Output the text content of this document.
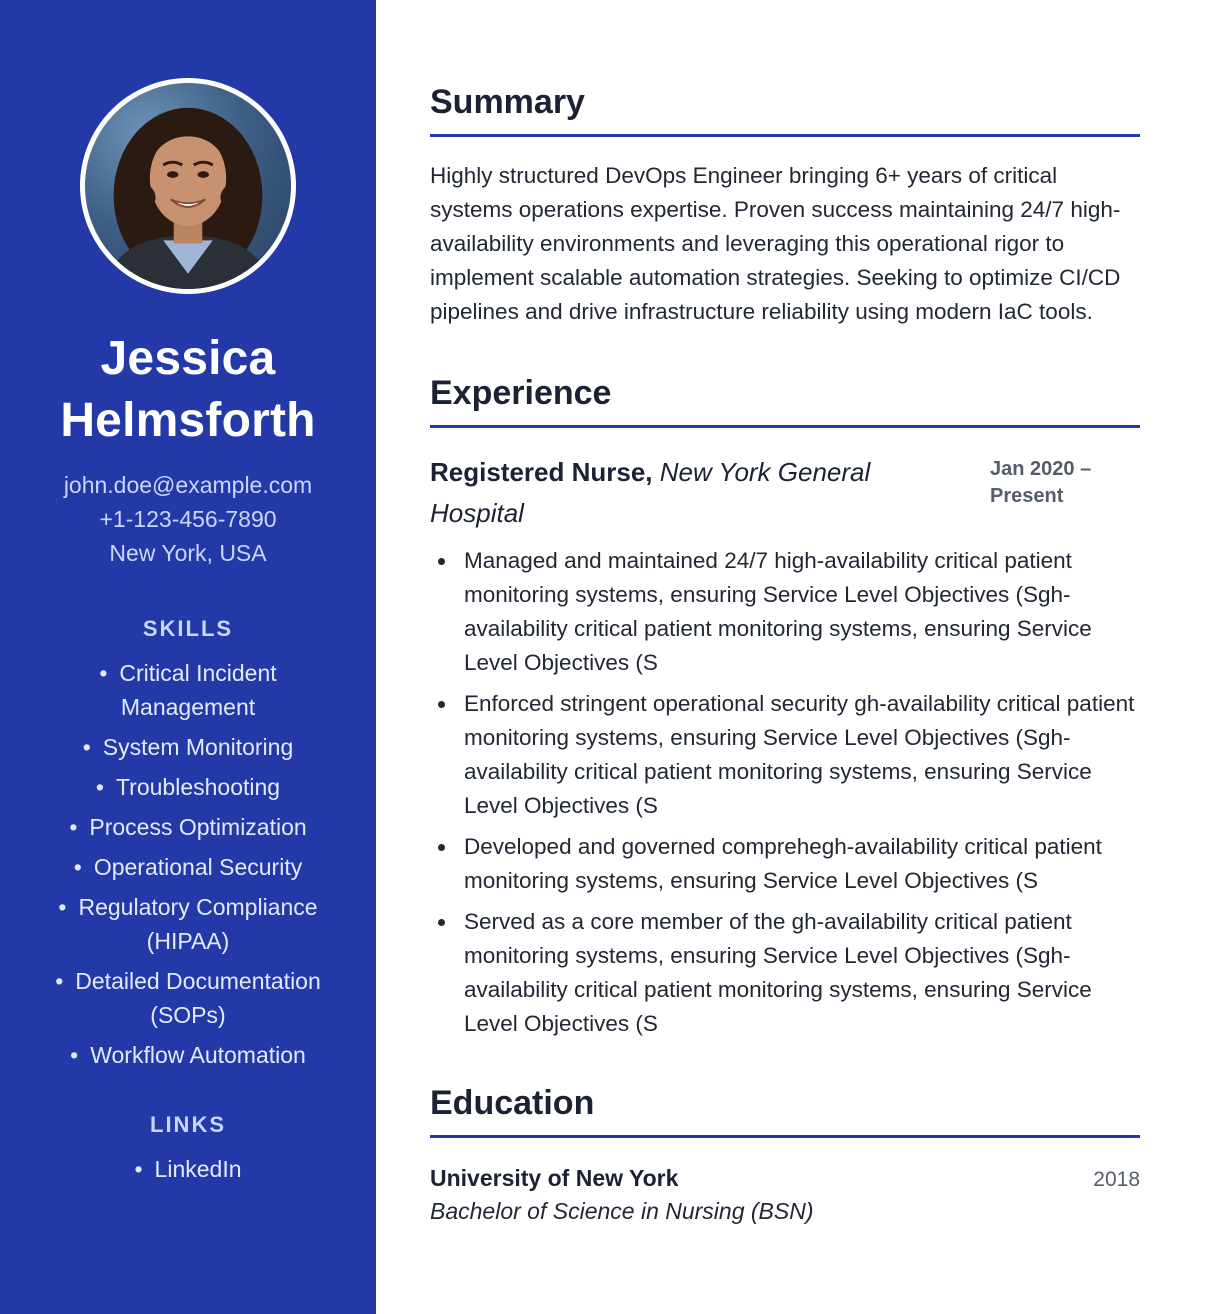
Jessica Helmsforth
john.doe@example.com
+1-123-456-7890
New York, USA
SKILLS
• Critical Incident Management
• System Monitoring
• Troubleshooting
• Process Optimization
• Operational Security
• Regulatory Compliance (HIPAA)
• Detailed Documentation (SOPs)
• Workflow Automation
LINKS
• LinkedIn
Summary

Highly structured DevOps Engineer bringing 6+ years of critical systems operations expertise. Proven success maintaining 24/7 high-availability environments and leveraging this operational rigor to implement scalable automation strategies. Seeking to optimize CI/CD pipelines and drive infrastructure reliability using modern IaC tools.

Experience
Registered Nurse, New York General Hospital
Jan 2020 – Present
Managed and maintained 24/7 high-availability critical patient monitoring systems, ensuring Service Level Objectives (Sgh-availability critical patient monitoring systems, ensuring Service Level Objectives (S
Enforced stringent operational security gh-availability critical patient monitoring systems, ensuring Service Level Objectives (Sgh-availability critical patient monitoring systems, ensuring Service Level Objectives (S
Developed and governed comprehegh-availability critical patient monitoring systems, ensuring Service Level Objectives (S
Served as a core member of the gh-availability critical patient monitoring systems, ensuring Service Level Objectives (Sgh-availability critical patient monitoring systems, ensuring Service Level Objectives (S
Education
University of New York	2018
Bachelor of Science in Nursing (BSN)
